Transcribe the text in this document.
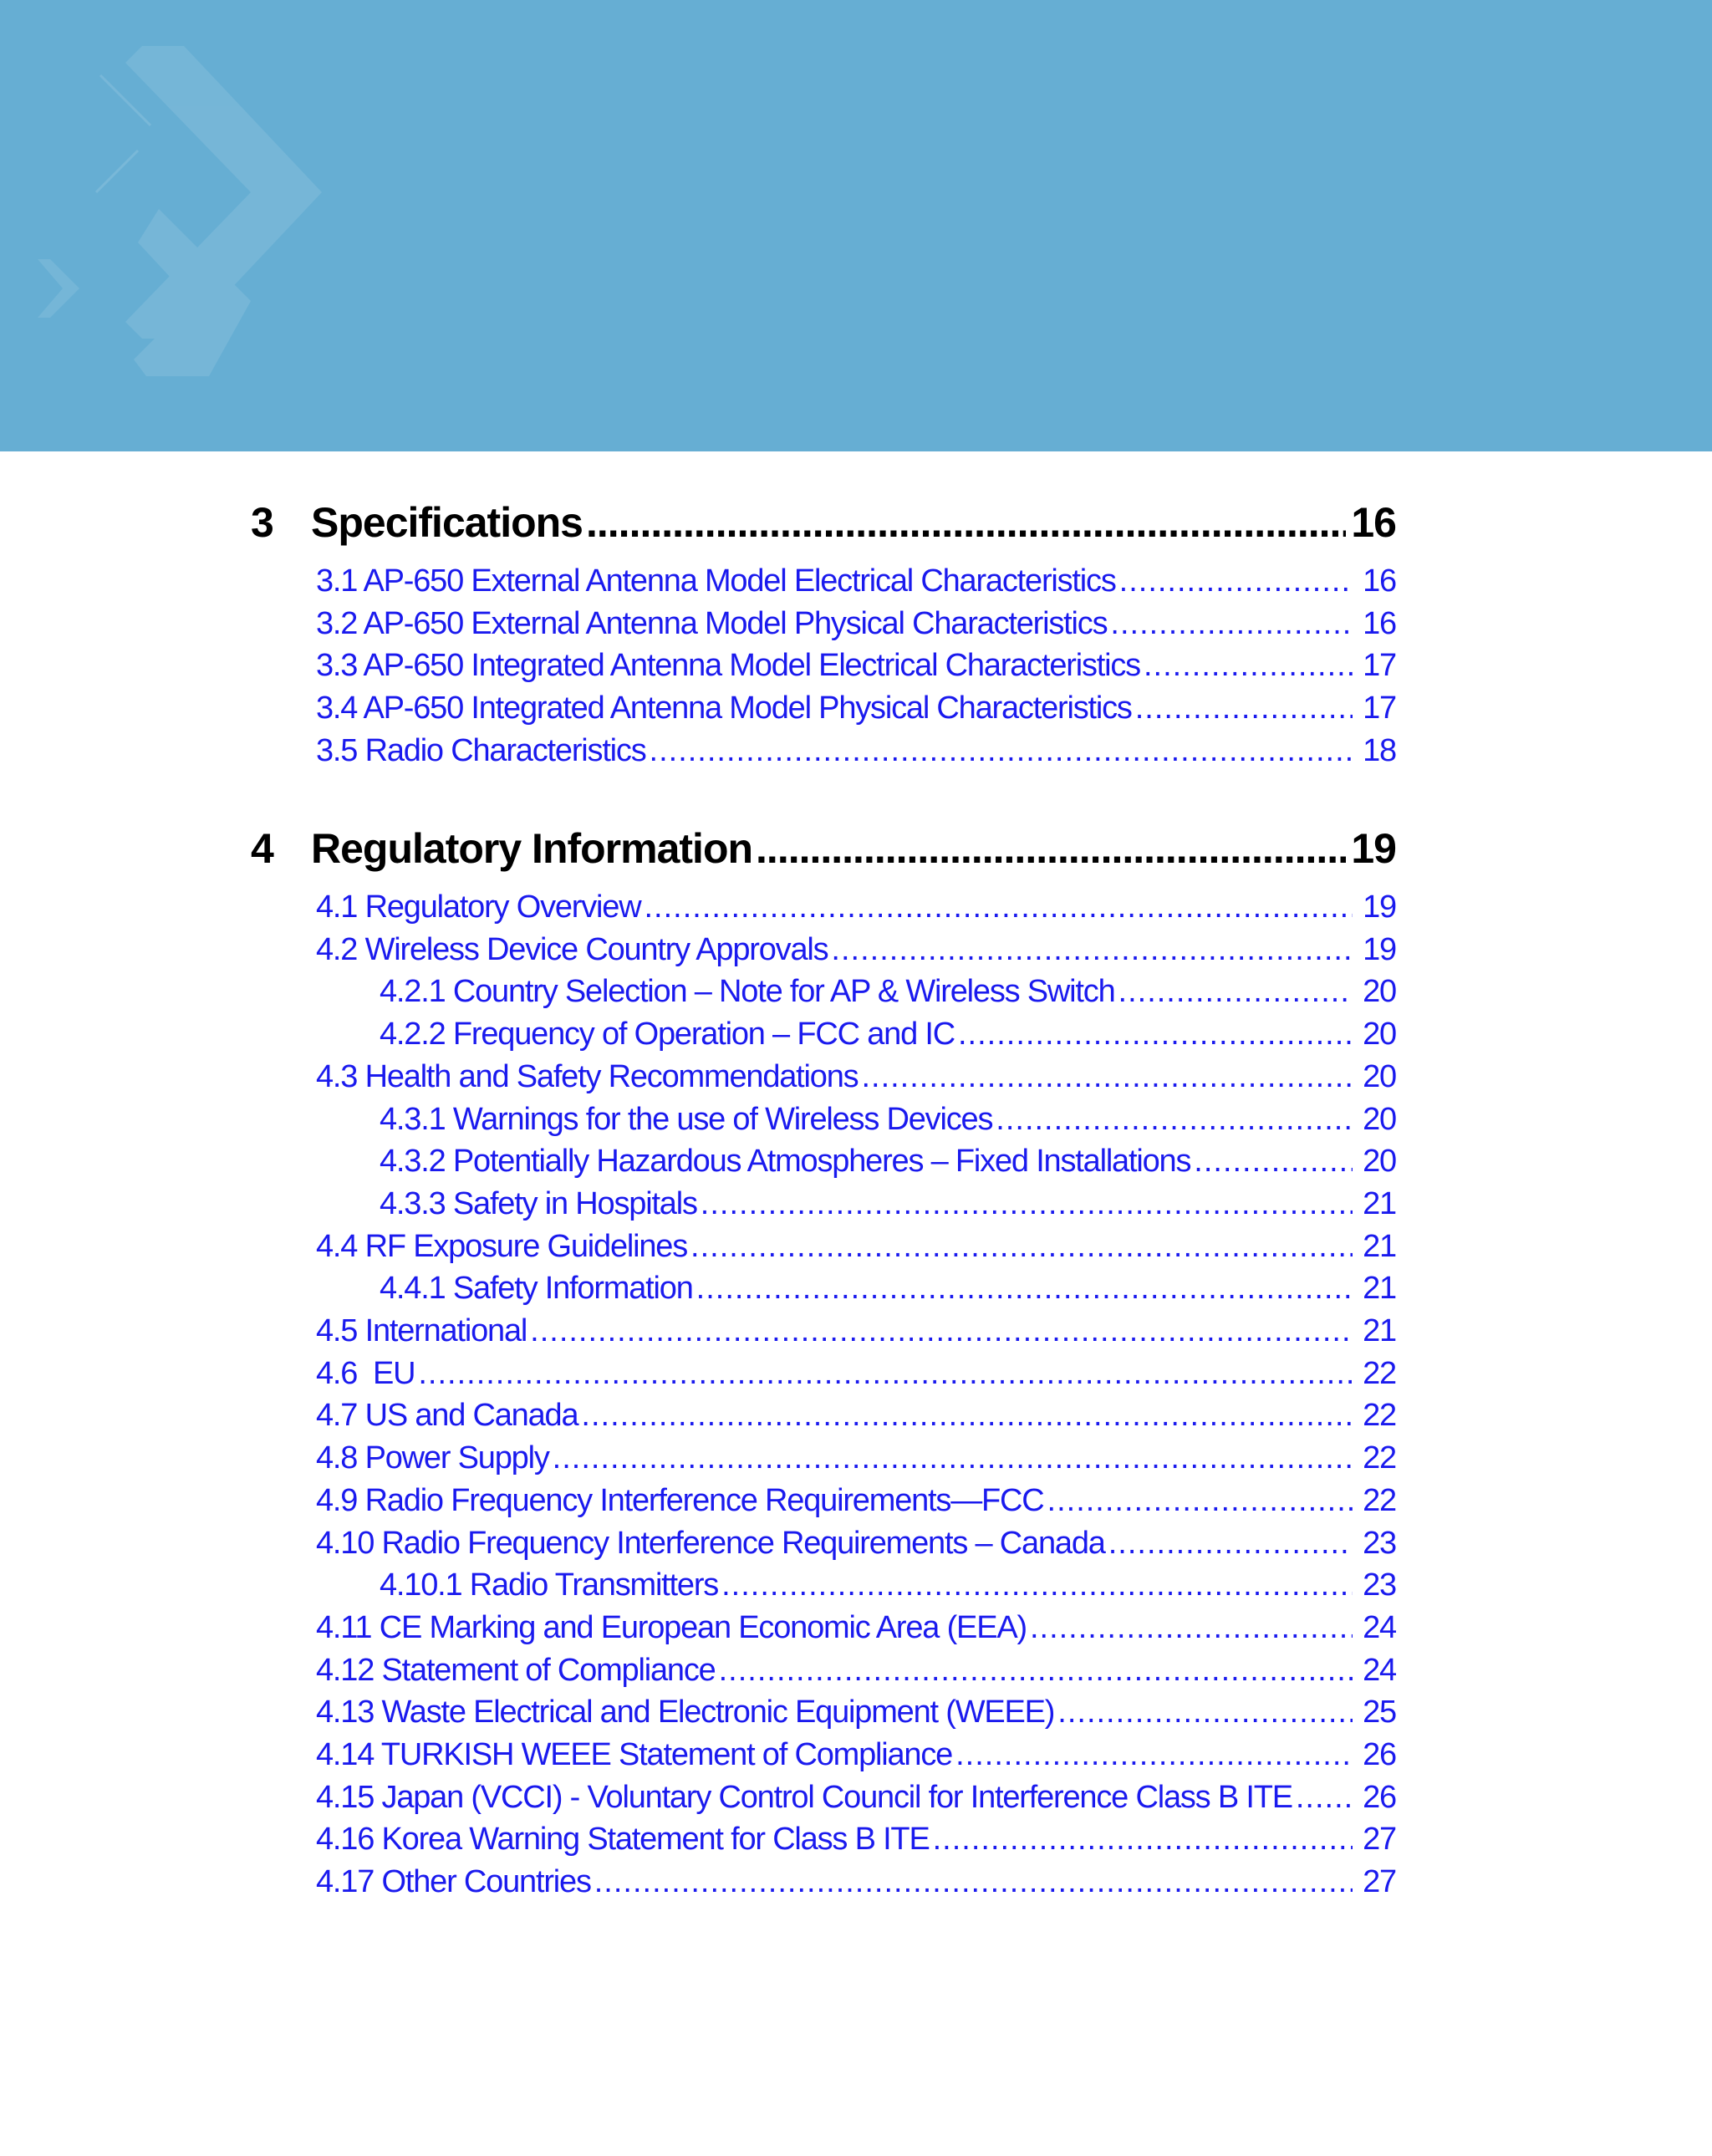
3 Specifications .....	16
3.1 AP-650 External Antenna Model Electrical Characteristics .....	16
3.2 AP-650 External Antenna Model Physical Characteristics .....	16
3.3 AP-650 Integrated Antenna Model Electrical Characteristics .....	17
3.4 AP-650 Integrated Antenna Model Physical Characteristics .....	17
3.5 Radio Characteristics .....	18
4 Regulatory Information .....	19
4.1 Regulatory Overview .....	19
4.2 Wireless Device Country Approvals .....	19
4.2.1 Country Selection – Note for AP & Wireless Switch .....	20
4.2.2 Frequency of Operation – FCC and IC .....	20
4.3 Health and Safety Recommendations .....	20
4.3.1 Warnings for the use of Wireless Devices .....	20
4.3.2 Potentially Hazardous Atmospheres – Fixed Installations .....	20
4.3.3 Safety in Hospitals .....	21
4.4 RF Exposure Guidelines .....	21
4.4.1 Safety Information .....	21
4.5 International .....	21
4.6  EU .....	22
4.7 US and Canada .....	22
4.8 Power Supply .....	22
4.9 Radio Frequency Interference Requirements—FCC .....	22
4.10 Radio Frequency Interference Requirements – Canada .....	23
4.10.1 Radio Transmitters .....	23
4.11 CE Marking and European Economic Area (EEA) .....	24
4.12 Statement of Compliance .....	24
4.13 Waste Electrical and Electronic Equipment (WEEE) .....	25
4.14 TURKISH WEEE Statement of Compliance .....	26
4.15 Japan (VCCI) - Voluntary Control Council for Interference Class B ITE ..... 26
4.16 Korea Warning Statement for Class B ITE .....	27
4.17 Other Countries .....	27
